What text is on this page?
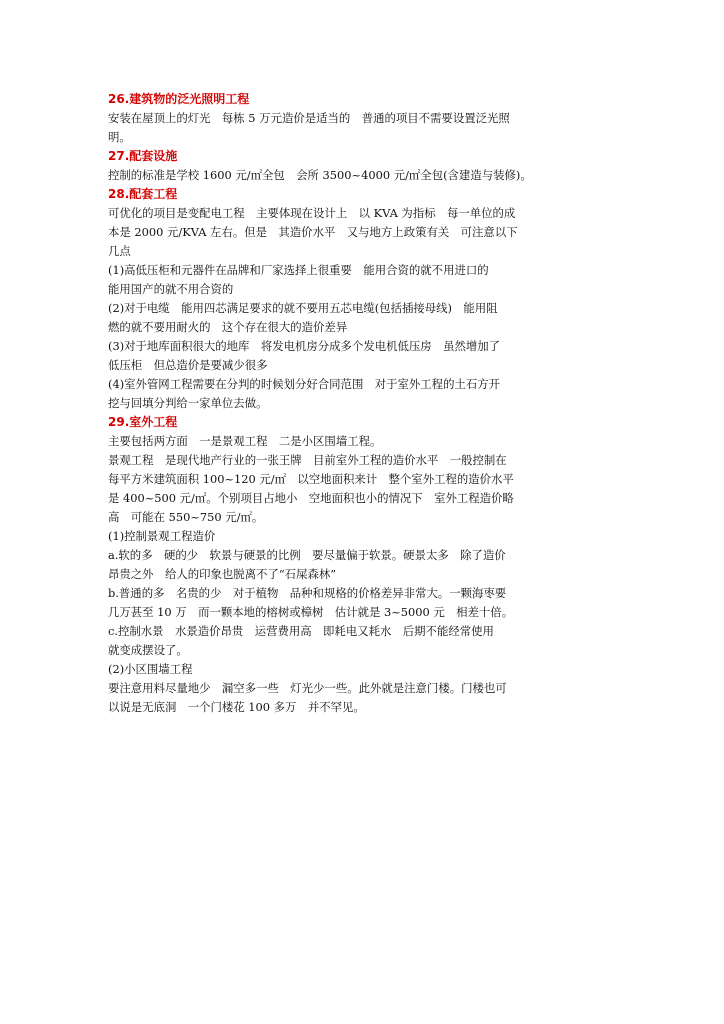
26.建筑物的泛光照明工程
安装在屋顶上的灯光　每栋 5 万元造价是适当的　普通的项目不需要设置泛光照
明。
27.配套设施
控制的标准是学校 1600 元/㎡全包　会所 3500~4000 元/㎡全包(含建造与装修)。
28.配套工程
可优化的项目是变配电工程　主要体现在设计上　以 KVA 为指标　每一单位的成
本是 2000 元/KVA 左右。但是　其造价水平　又与地方上政策有关　可注意以下
几点
(1)高低压柜和元器件在品牌和厂家选择上很重要　能用合资的就不用进口的
能用国产的就不用合资的
(2)对于电缆　能用四芯满足要求的就不要用五芯电缆(包括插接母线)　能用阻
燃的就不要用耐火的　这个存在很大的造价差异
(3)对于地库面积很大的地库　将发电机房分成多个发电机低压房　虽然增加了
低压柜　但总造价是要减少很多
(4)室外管网工程需要在分判的时候划分好合同范围　对于室外工程的土石方开
挖与回填分判给一家单位去做。
29.室外工程
主要包括两方面　一是景观工程　二是小区围墙工程。
景观工程　是现代地产行业的一张王牌　目前室外工程的造价水平　一般控制在
每平方米建筑面积 100~120 元/㎡　以空地面积来计　整个室外工程的造价水平
是 400~500 元/㎡。个别项目占地小　空地面积也小的情况下　室外工程造价略
高　可能在 550~750 元/㎡。
(1)控制景观工程造价
a.软的多　硬的少　软景与硬景的比例　要尽量偏于软景。硬景太多　除了造价
昂贵之外　给人的印象也脱离不了“石屎森林”
b.普通的多　名贵的少　对于植物　品种和规格的价格差异非常大。一颗海枣要
几万甚至 10 万　而一颗本地的榕树或樟树　估计就是 3~5000 元　相差十倍。
c.控制水景　水景造价昂贵　运营费用高　即耗电又耗水　后期不能经常使用
就变成摆设了。
(2)小区围墙工程
要注意用料尽量地少　漏空多一些　灯光少一些。此外就是注意门楼。门楼也可
以说是无底洞　一个门楼花 100 多万　并不罕见。
